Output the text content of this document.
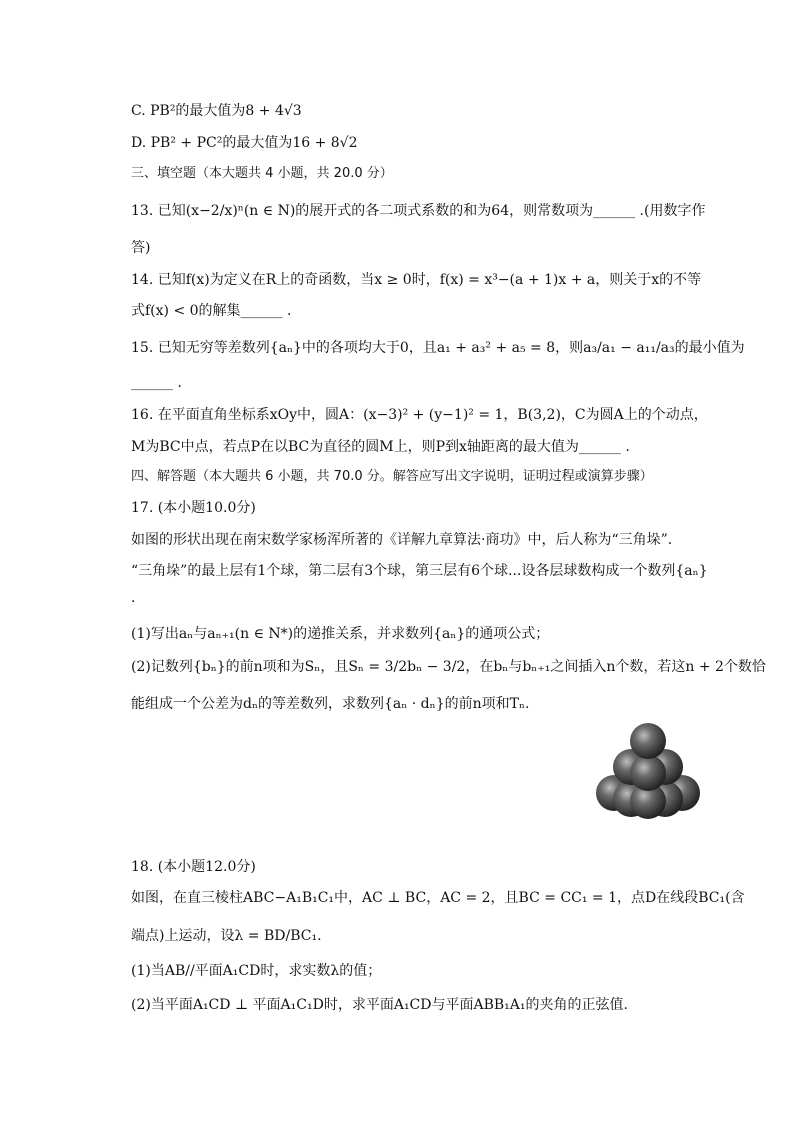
C. PB²的最大值为8 + 4√3
D. PB² + PC²的最大值为16 + 8√2
三、填空题（本大题共 4 小题，共 20.0 分）
13. 已知(x−2/x)ⁿ(n ∈ N)的展开式的各二项式系数的和为64，则常数项为______ .(用数字作
答)
14. 已知f(x)为定义在R上的奇函数，当x ≥ 0时，f(x) = x³−(a + 1)x + a，则关于x的不等
式f(x) < 0的解集______ .
15. 已知无穷等差数列{aₙ}中的各项均大于0，且a₁ + a₃² + a₅ = 8，则a₃/a₁ − a₁₁/a₃的最小值为
______ .
16. 在平面直角坐标系xOy中，圆A：(x−3)² + (y−1)² = 1，B(3,2)，C为圆A上的个动点，
M为BC中点，若点P在以BC为直径的圆M上，则P到x轴距离的最大值为______ .
四、解答题（本大题共 6 小题，共 70.0 分。解答应写出文字说明，证明过程或演算步骤）
17. (本小题10.0分)
如图的形状出现在南宋数学家杨浑所著的《详解九章算法·商功》中，后人称为“三角垛”.
“三角垛”的最上层有1个球，第二层有3个球，第三层有6个球...设各层球数构成一个数列{aₙ}
.
(1)写出aₙ与aₙ₊₁(n ∈ N*)的递推关系，并求数列{aₙ}的通项公式；
(2)记数列{bₙ}的前n项和为Sₙ，且Sₙ = 3/2bₙ − 3/2，在bₙ与bₙ₊₁之间插入n个数，若这n + 2个数恰
能组成一个公差为dₙ的等差数列，求数列{aₙ · dₙ}的前n项和Tₙ.
18. (本小题12.0分)
如图，在直三棱柱ABC−A₁B₁C₁中，AC ⊥ BC，AC = 2，且BC = CC₁ = 1，点D在线段BC₁(含
端点)上运动，设λ = BD/BC₁.
(1)当AB//平面A₁CD时，求实数λ的值；
(2)当平面A₁CD ⊥ 平面A₁C₁D时，求平面A₁CD与平面ABB₁A₁的夹角的正弦值.
